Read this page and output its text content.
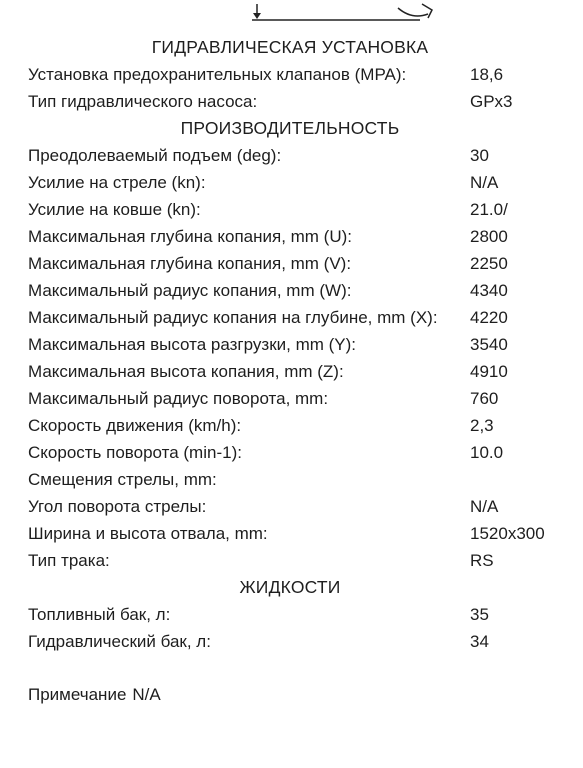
ГИДРАВЛИЧЕСКАЯ УСТАНОВКА
Установка предохранительных клапанов (MPA):	18,6
Тип гидравлического насоса:	GPx3
ПРОИЗВОДИТЕЛЬНОСТЬ
Преодолеваемый подъем (deg):	30
Усилие на стреле (kn):	N/A
Усилие на ковше (kn):	21.0/
Максимальная глубина копания, mm (U):	2800
Максимальная глубина копания, mm (V):	2250
Максимальный радиус копания, mm (W):	4340
Максимальный радиус копания на глубине, mm (X):	4220
Максимальная высота разгрузки, mm (Y):	3540
Максимальная высота копания, mm (Z):	4910
Максимальный радиус поворота, mm:	760
Скорость движения (km/h):	2,3
Скорость поворота (min-1):	10.0
Смещения стрелы, mm:
Угол поворота стрелы:	N/A
Ширина и высота отвала, mm:	1520x300
Тип трака:	RS
ЖИДКОСТИ
Топливный бак, л:	35
Гидравлический бак, л:	34
Примечание N/A
